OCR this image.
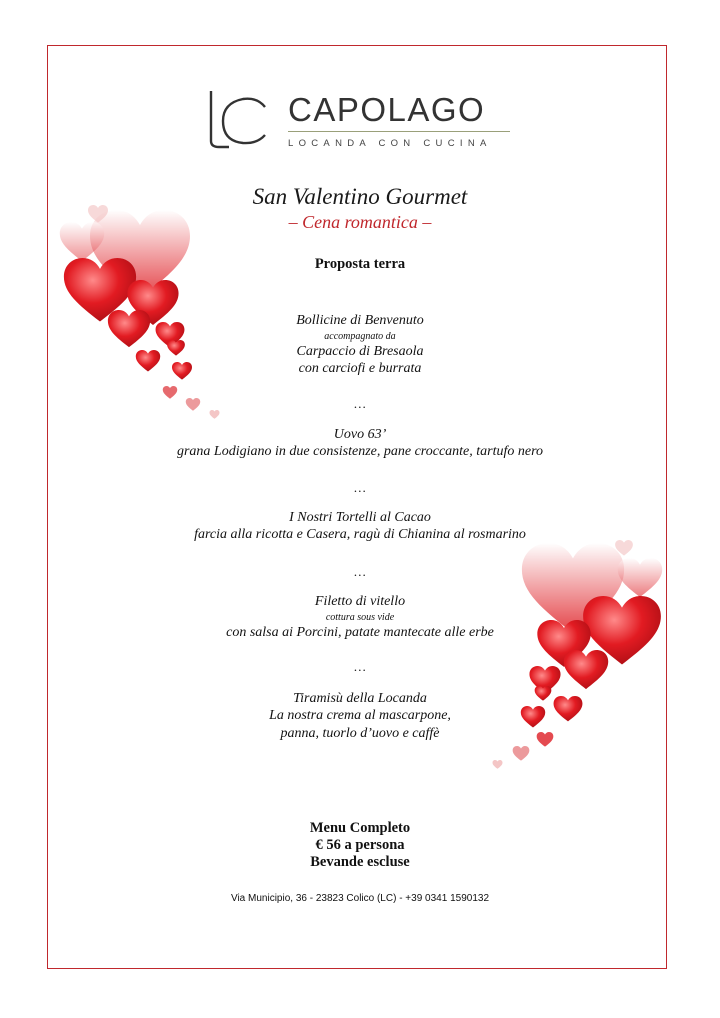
CAPOLAGO
LOCANDA CON CUCINA
San Valentino Gourmet
– Cena romantica –
Proposta terra
Bollicine di Benvenuto
accompagnato da
Carpaccio di Bresaola
con carciofi e burrata
…
Uovo 63’
grana Lodigiano in due consistenze, pane croccante, tartufo nero
…
I Nostri Tortelli al Cacao
farcia alla ricotta e Casera, ragù di Chianina al rosmarino
…
Filetto di vitello
cottura sous vide
con salsa ai Porcini, patate mantecate alle erbe
…
Tiramisù della Locanda
La nostra crema al mascarpone,
panna, tuorlo d’uovo e caffè
Menu Completo
€ 56 a persona
Bevande escluse
Via Municipio, 36 - 23823 Colico (LC) - +39 0341 1590132
